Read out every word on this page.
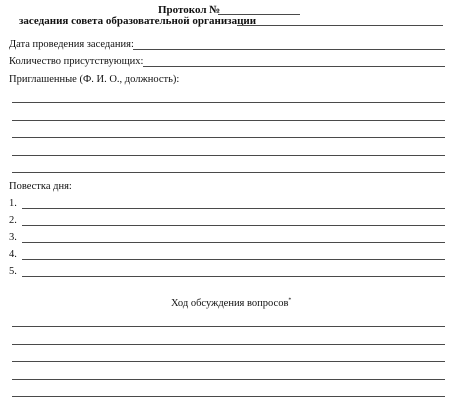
Протокол №
заседания совета образовательной организации
Дата проведения заседания:
Количество присутствующих:
Приглашенные (Ф. И. О., должность):
Повестка дня:
1.
2.
3.
4.
5.
Ход обсуждения вопросов*
